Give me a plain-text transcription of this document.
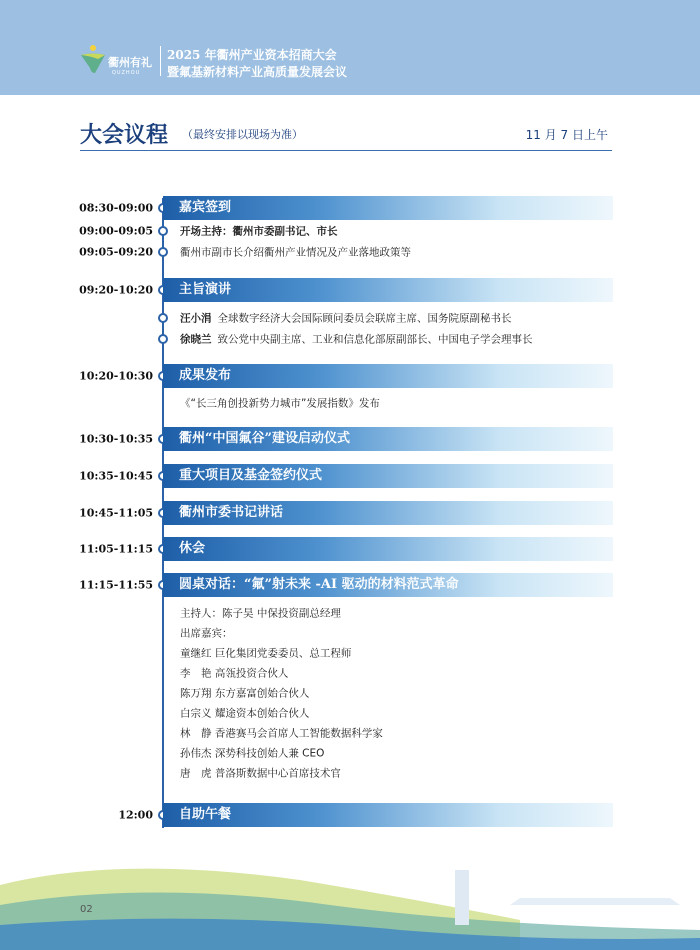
衢州有礼
QUZHOU
2025 年衢州产业资本招商大会
暨氟基新材料产业高质量发展会议
大会议程 （最终安排以现场为准）	11 月 7 日上午
08:30-09:00	嘉宾签到
09:00-09:05	开场主持：衢州市委副书记、市长
09:05-09:20	衢州市副市长介绍衢州产业情况及产业落地政策等
09:20-10:20	主旨演讲
汪小涓 全球数字经济大会国际顾问委员会联席主席、国务院原副秘书长
徐晓兰 致公党中央副主席、工业和信息化部原副部长、中国电子学会理事长
10:20-10:30	成果发布
《“长三角创投新势力城市”发展指数》发布
10:30-10:35	衢州“中国氟谷”建设启动仪式
10:35-10:45	重大项目及基金签约仪式
10:45-11:05	衢州市委书记讲话
11:05-11:15	休会
11:15-11:55	圆桌对话：“氟”射未来 -AI 驱动的材料范式革命
主持人：陈子昊 中保投资副总经理
出席嘉宾：
童继红 巨化集团党委委员、总工程师
李　艳 高瓴投资合伙人
陈万翔 东方嘉富创始合伙人
白宗义 耀途资本创始合伙人
林　静 香港赛马会首席人工智能数据科学家
孙伟杰 深势科技创始人兼 CEO
唐　虎 普洛斯数据中心首席技术官
12:00	自助午餐
02
